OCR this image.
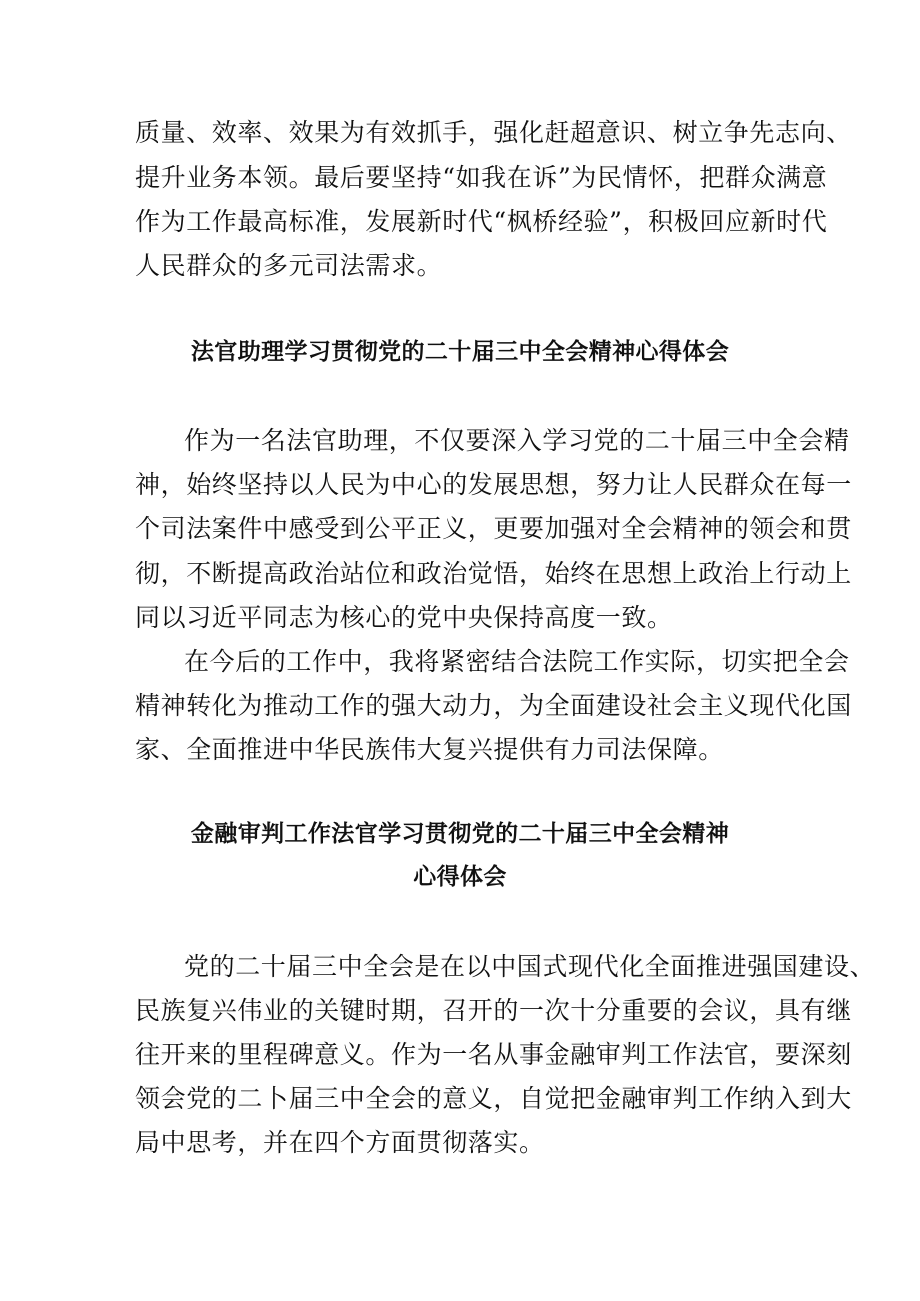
质量、效率、效果为有效抓手，强化赶超意识、树立争先志向、
提升业务本领。最后要坚持“如我在诉”为民情怀，把群众满意
作为工作最高标准，发展新时代“枫桥经验”，积极回应新时代
人民群众的多元司法需求。
法官助理学习贯彻党的二十届三中全会精神心得体会
作为一名法官助理，不仅要深入学习党的二十届三中全会精
神，始终坚持以人民为中心的发展思想，努力让人民群众在每一
个司法案件中感受到公平正义，更要加强对全会精神的领会和贯
彻，不断提高政治站位和政治觉悟，始终在思想上政治上行动上
同以习近平同志为核心的党中央保持高度一致。
在今后的工作中，我将紧密结合法院工作实际，切实把全会
精神转化为推动工作的强大动力，为全面建设社会主义现代化国
家、全面推进中华民族伟大复兴提供有力司法保障。
金融审判工作法官学习贯彻党的二十届三中全会精神
心得体会
党的二十届三中全会是在以中国式现代化全面推进强国建设、
民族复兴伟业的关键时期，召开的一次十分重要的会议，具有继
往开来的里程碑意义。作为一名从事金融审判工作法官，要深刻
领会党的二卜届三中全会的意义，自觉把金融审判工作纳入到大
局中思考，并在四个方面贯彻落实。
